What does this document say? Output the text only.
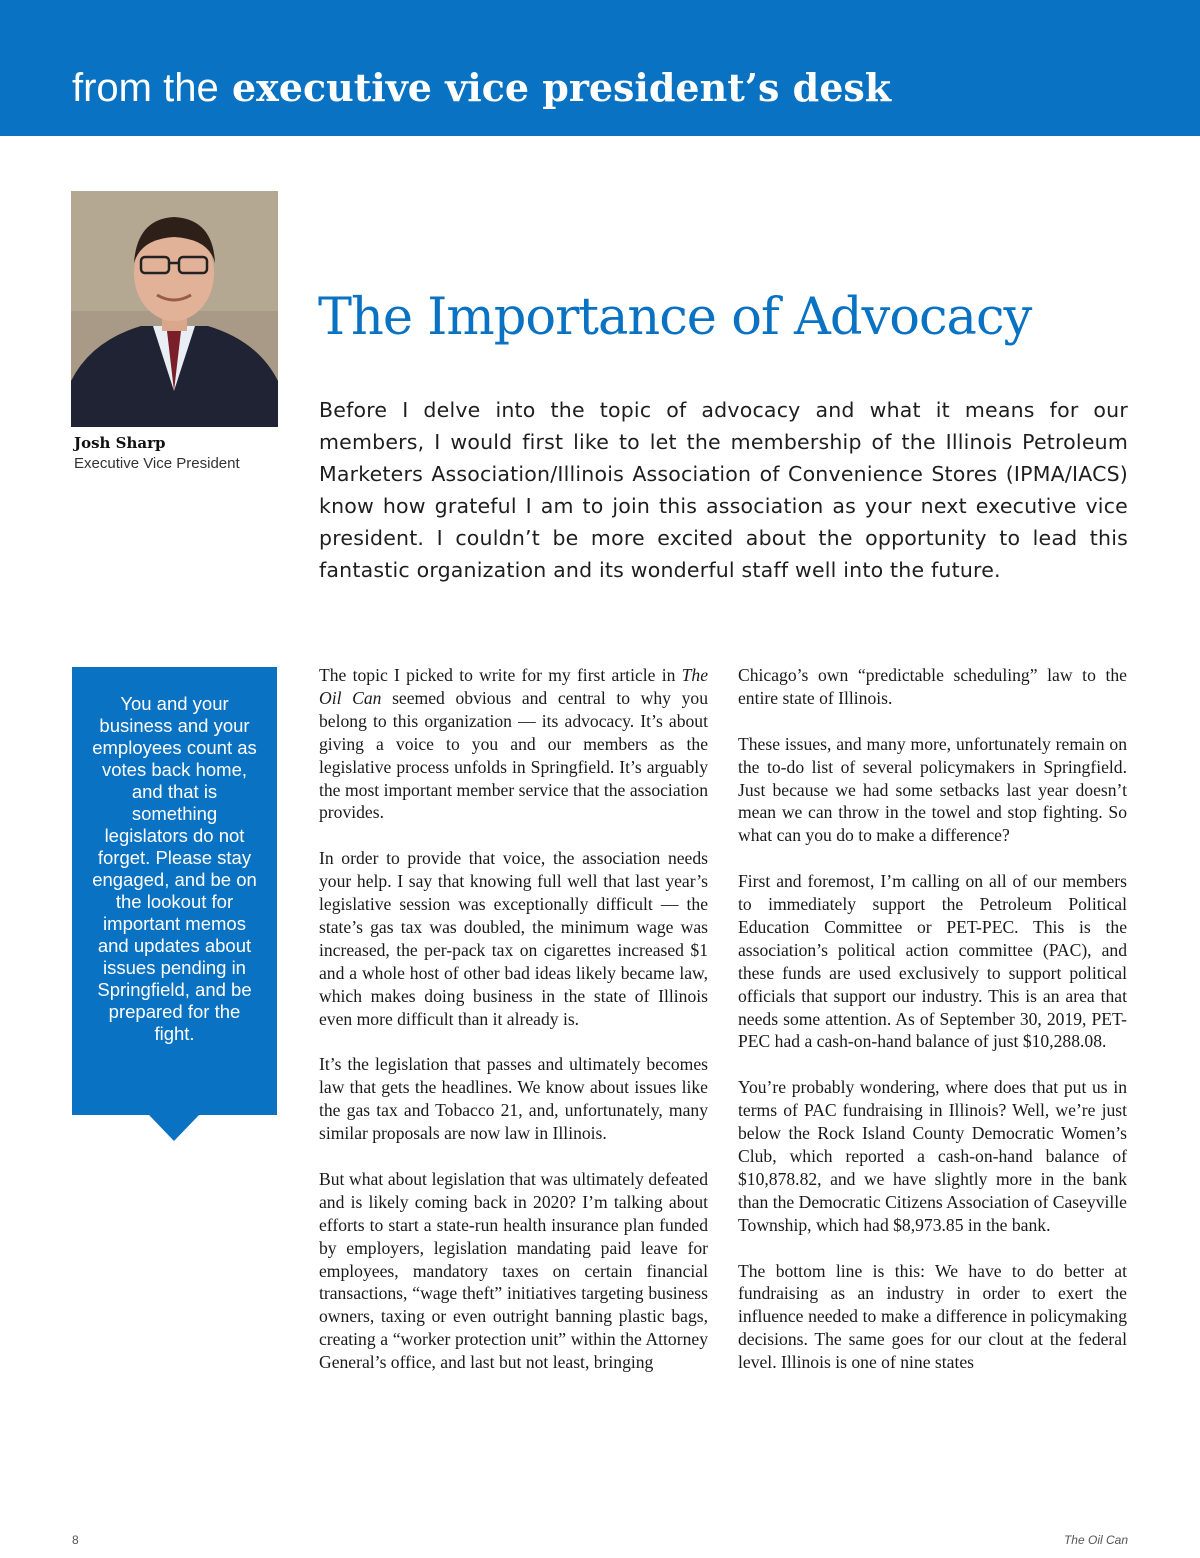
from the executive vice president’s desk

Josh Sharp

Executive Vice President

The Importance of Advocacy

Before I delve into the topic of advocacy and what it means for our members, I would first like to let the membership of the Illinois Petroleum Marketers Association/Illinois Association of Convenience Stores (IPMA/IACS) know how grateful I am to join this association as your next executive vice president. I couldn’t be more excited about the opportunity to lead this fantastic organization and its wonderful staff well into the future.

You and your business and your employees count as votes back home, and that is something legislators do not forget. Please stay engaged, and be on the lookout for important memos and updates about issues pending in Springfield, and be prepared for the fight.

The topic I picked to write for my first article in The Oil Can seemed obvious and central to why you belong to this organization — its advocacy. It’s about giving a voice to you and our members as the legislative process unfolds in Springfield. It’s arguably the most important member service that the association provides.

In order to provide that voice, the association needs your help. I say that knowing full well that last year’s legislative session was exceptionally difficult — the state’s gas tax was doubled, the minimum wage was increased, the per-pack tax on cigarettes increased $1 and a whole host of other bad ideas likely became law, which makes doing business in the state of Illinois even more difficult than it already is.

It’s the legislation that passes and ultimately becomes law that gets the headlines. We know about issues like the gas tax and Tobacco 21, and, unfortunately, many similar proposals are now law in Illinois.

But what about legislation that was ultimately defeated and is likely coming back in 2020? I’m talking about efforts to start a state-run health insurance plan funded by employers, legislation mandating paid leave for employees, mandatory taxes on certain financial transactions, “wage theft” initiatives targeting business owners, taxing or even outright banning plastic bags, creating a “worker protection unit” within the Attorney General’s office, and last but not least, bringing

Chicago’s own “predictable scheduling” law to the entire state of Illinois.

These issues, and many more, unfortunately remain on the to-do list of several policymakers in Springfield. Just because we had some setbacks last year doesn’t mean we can throw in the towel and stop fighting. So what can you do to make a difference?

First and foremost, I’m calling on all of our members to immediately support the Petroleum Political Education Committee or PET-PEC. This is the association’s political action committee (PAC), and these funds are used exclusively to support political officials that support our industry. This is an area that needs some attention. As of September 30, 2019, PET-PEC had a cash-on-hand balance of just $10,288.08.

You’re probably wondering, where does that put us in terms of PAC fundraising in Illinois? Well, we’re just below the Rock Island County Democratic Women’s Club, which reported a cash-on-hand balance of $10,878.82, and we have slightly more in the bank than the Democratic Citizens Association of Caseyville Township, which had $8,973.85 in the bank.

The bottom line is this: We have to do better at fundraising as an industry in order to exert the influence needed to make a difference in policymaking decisions. The same goes for our clout at the federal level. Illinois is one of nine states

8	The Oil Can
